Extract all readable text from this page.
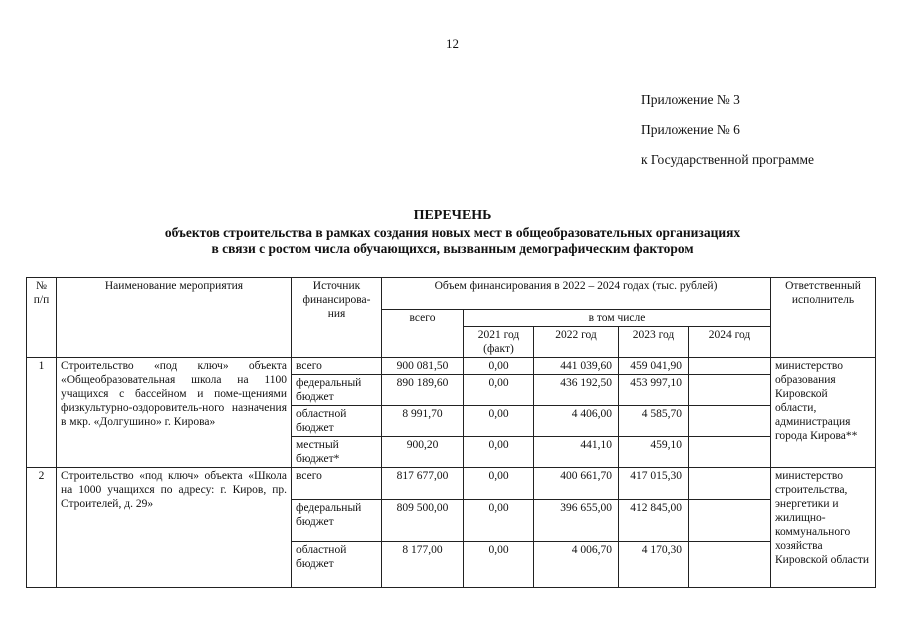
12
Приложение № 3
Приложение № 6
к Государственной программе
ПЕРЕЧЕНЬ
объектов строительства в рамках создания новых мест в общеобразовательных организациях
в связи с ростом числа обучающихся, вызванным демографическим фактором
№ п/п	Наименование мероприятия	Источник финансирова-ния	Объем финансирования в 2022 – 2024 годах (тыс. рублей)					Ответственный исполнитель
			всего	в том числе				
				2021 год (факт)	2022 год	2023 год	2024 год	
1	Строительство «под ключ» объекта «Общеобразовательная школа на 1100 учащихся с бассейном и поме-щениями физкультурно-оздоровитель-ного назначения в мкр. «Долгушино» г. Кирова»	всего	900 081,50	0,00	441 039,60	459 041,90		министерство образования Кировской области, администрация города Кирова**
		федеральный бюджет	890 189,60	0,00	436 192,50	453 997,10		
		областной бюджет	8 991,70	0,00	4 406,00	4 585,70		
		местный бюджет*	900,20	0,00	441,10	459,10		
2	Строительство «под ключ» объекта «Школа на 1000 учащихся по адресу: г. Киров, пр. Строителей, д. 29»	всего	817 677,00	0,00	400 661,70	417 015,30		министерство строительства, энергетики и жилищно-коммунального хозяйства Кировской области
		федеральный бюджет	809 500,00	0,00	396 655,00	412 845,00		
		областной бюджет	8 177,00	0,00	4 006,70	4 170,30		
